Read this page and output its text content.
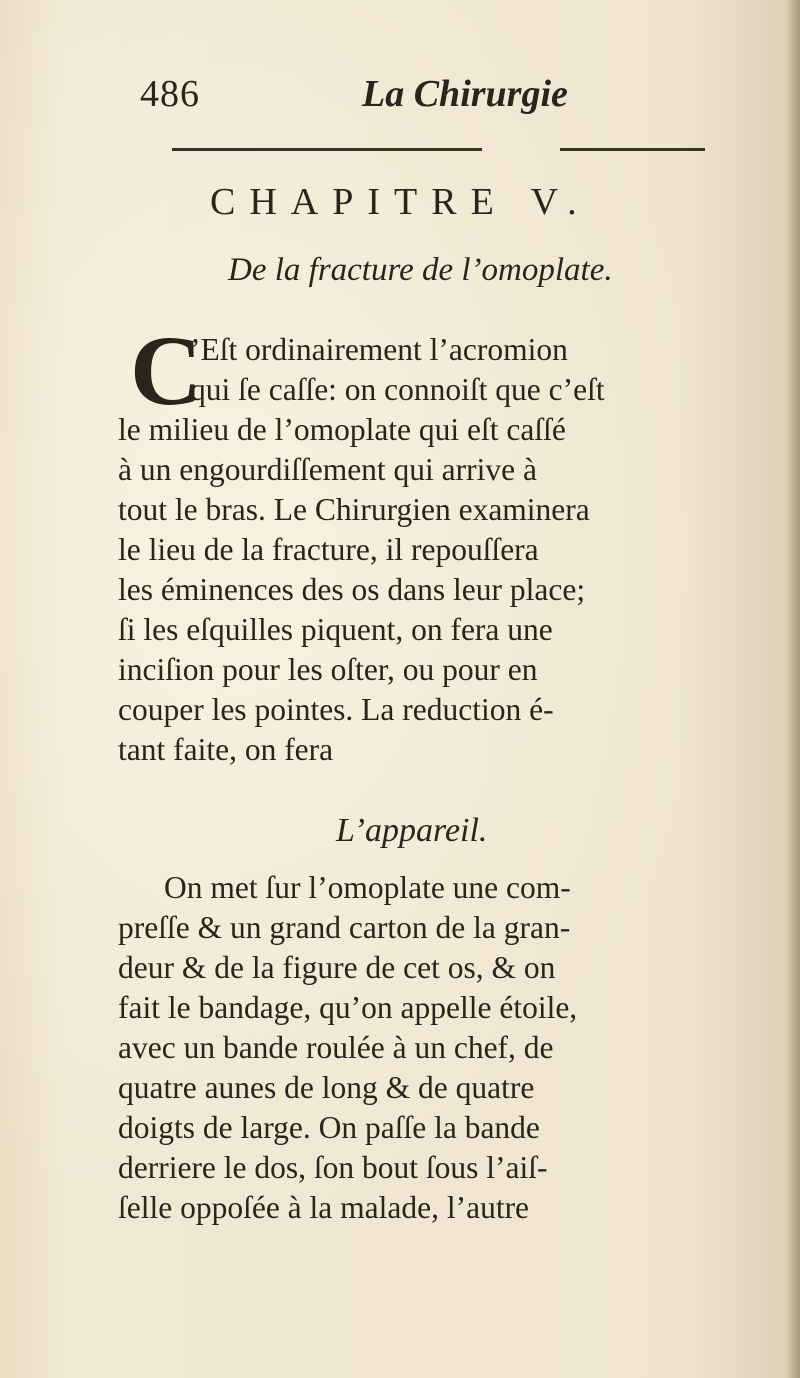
486	La Chirurgie
CHAPITRE V.
De la fracture de l’omoplate.
C
’Eſt ordinairement l’acromion
qui ſe caſſe: on connoiſt que c’eſt
le milieu de l’omoplate qui eſt caſſé
à un engourdiſſement qui arrive à
tout le bras. Le Chirurgien examinera
le lieu de la fracture, il repouſſera
les éminences des os dans leur place;
ſi les eſquilles piquent, on fera une
inciſion pour les oſter, ou pour en
couper les pointes. La reduction é-
tant faite, on fera
L’appareil.
On met ſur l’omoplate une com-
preſſe & un grand carton de la gran-
deur & de la figure de cet os, & on
fait le bandage, qu’on appelle étoile,
avec un bande roulée à un chef, de
quatre aunes de long & de quatre
doigts de large. On paſſe la bande
derriere le dos, ſon bout ſous l’aiſ-
ſelle oppoſée à la malade, l’autre
